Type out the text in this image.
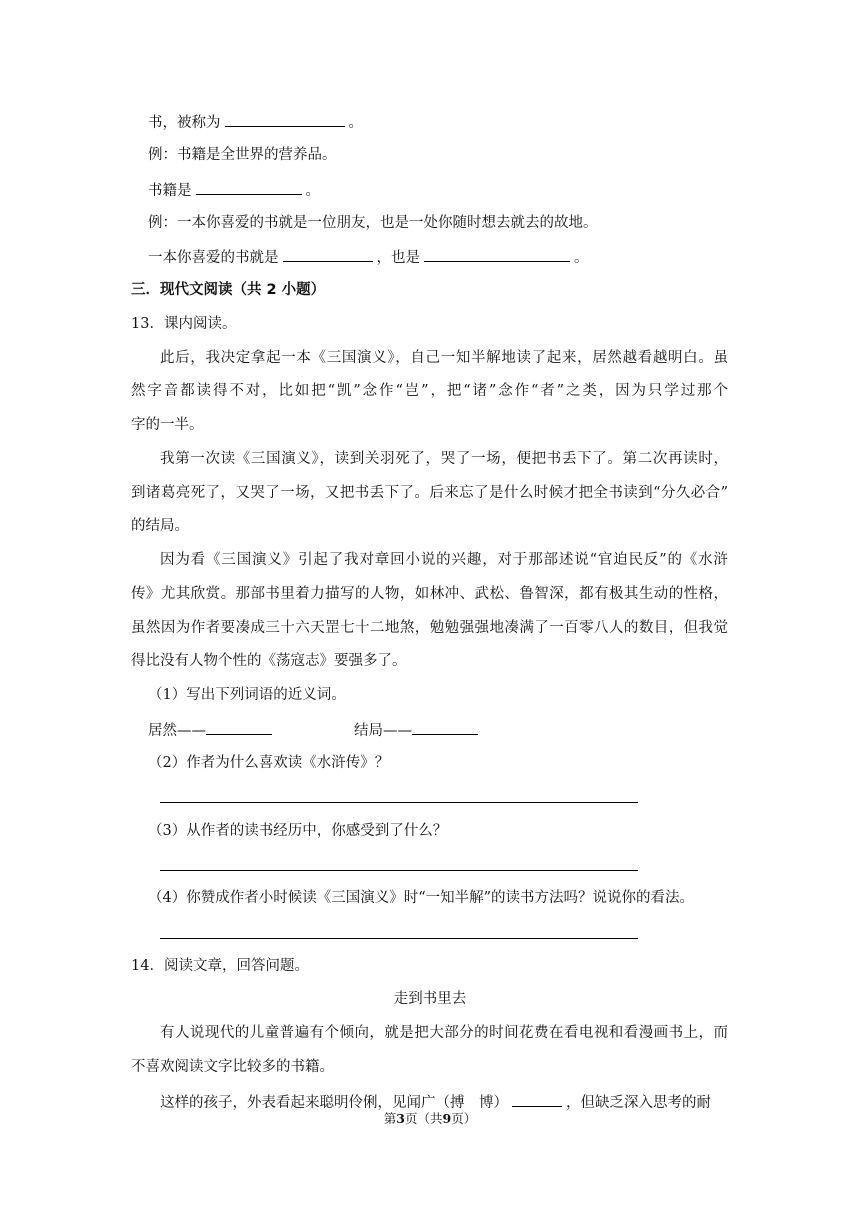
书，被称为	。
例：书籍是全世界的营养品。
书籍是	。
例：一本你喜爱的书就是一位朋友，也是一处你随时想去就去的故地。
一本你喜爱的书就是	，也是	。
三．现代文阅读（共 2 小题）
13．课内阅读。
此后，我决定拿起一本《三国演义》，自己一知半解地读了起来，居然越看越明白。虽
然字音都读得不对，比如把“凯”念作“岂”，把“诸”念作“者”之类，因为只学过那个
字的一半。
我第一次读《三国演义》，读到关羽死了，哭了一场，便把书丢下了。第二次再读时，
到诸葛亮死了，又哭了一场，又把书丢下了。后来忘了是什么时候才把全书读到“分久必合”
的结局。
因为看《三国演义》引起了我对章回小说的兴趣，对于那部述说“官迫民反”的《水浒
传》尤其欣赏。那部书里着力描写的人物，如林冲、武松、鲁智深，都有极其生动的性格，
虽然因为作者要凑成三十六天罡七十二地煞，勉勉强强地凑满了一百零八人的数目，但我觉
得比没有人物个性的《荡寇志》要强多了。
（1）写出下列词语的近义词。
居然——	结局——
（2）作者为什么喜欢读《水浒传》？
（3）从作者的读书经历中，你感受到了什么？
（4）你赞成作者小时候读《三国演义》时“一知半解”的读书方法吗？说说你的看法。
14．阅读文章，回答问题。
走到书里去
有人说现代的儿童普遍有个倾向，就是把大部分的时间花费在看电视和看漫画书上，而
不喜欢阅读文字比较多的书籍。
这样的孩子，外表看起来聪明伶俐，见闻广（搏　博）	，但缺乏深入思考的耐
第3页（共9页）
